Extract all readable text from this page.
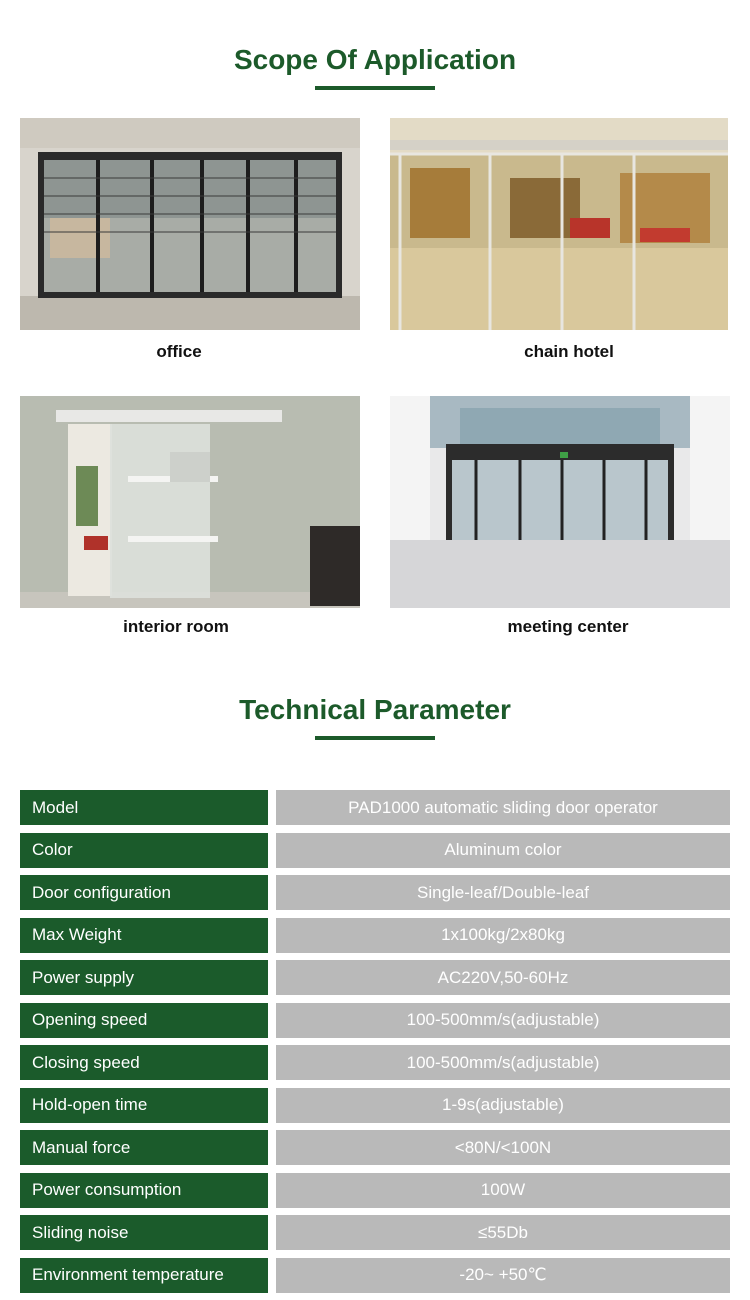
Scope Of Application
office	chain hotel
interior room	meeting center
Technical Parameter
Model	PAD1000 automatic sliding door operator
Color	Aluminum color
Door configuration	Single-leaf/Double-leaf
Max Weight	1x100kg/2x80kg
Power supply	AC220V,50-60Hz
Opening speed	100-500mm/s(adjustable)
Closing speed	100-500mm/s(adjustable)
Hold-open time	1-9s(adjustable)
Manual force	<80N/<100N
Power consumption	100W
Sliding noise	≤55Db
Environment temperature	-20~ +50℃
